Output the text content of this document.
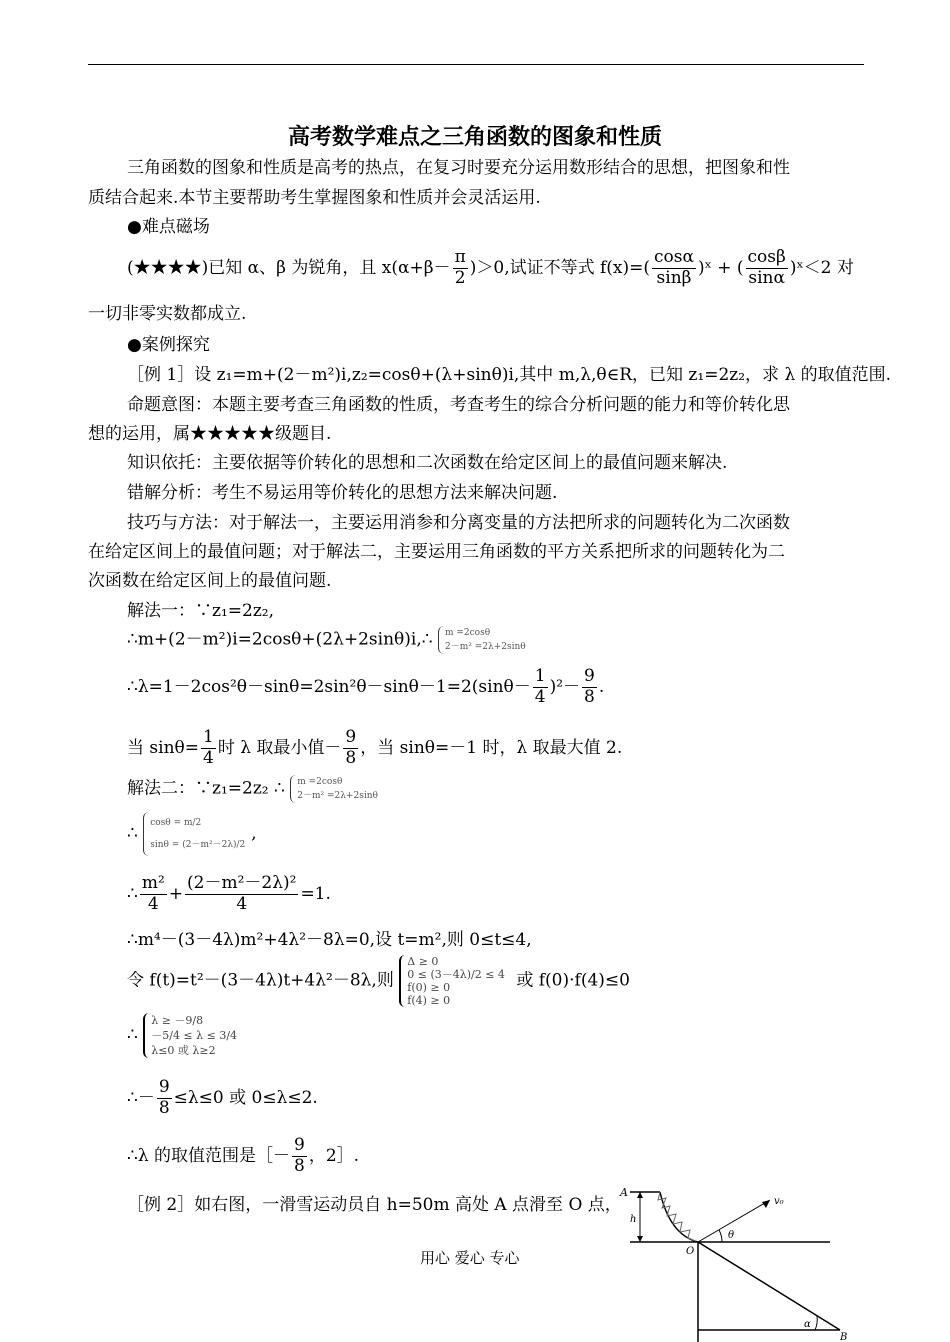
高考数学难点之三角函数的图象和性质
三角函数的图象和性质是高考的热点，在复习时要充分运用数形结合的思想，把图象和性
质结合起来.本节主要帮助考生掌握图象和性质并会灵活运用.
●难点磁场
(★★★★)已知 α、β 为锐角，且 $x(\alpha+\beta- \frac{\pi}{2} )>0$,试证不等式 $f(x)=( \frac{\cos\alpha}{\sin\beta}$ )ˣ + ( $\frac{\cos\beta}{\sin\alpha}$ )ˣ＜2 对
一切非零实数都成立.
●案例探究
［例 1］设 z₁=m+(2－m²)i,z₂=cosθ+(λ+sinθ)i,其中 m,λ,θ∈R，已知 z₁=2z₂，求 λ 的取值范围.
命题意图：本题主要考查三角函数的性质，考查考生的综合分析问题的能力和等价转化思
想的运用，属★★★★★级题目.
知识依托：主要依据等价转化的思想和二次函数在给定区间上的最值问题来解决.
错解分析：考生不易运用等价转化的思想方法来解决问题.
技巧与方法：对于解法一，主要运用消参和分离变量的方法把所求的问题转化为二次函数
在给定区间上的最值问题；对于解法二，主要运用三角函数的平方关系把所求的问题转化为二
次函数在给定区间上的最值问题.
解法一：∵z₁=2z₂,
∴m+(2－m²)i=2cosθ+(2λ+2sinθ)i,∴ m =2cosθ
2－m² =2λ+2sinθ
∴λ=1－2cos²θ－sinθ=2sin²θ－sinθ－1=2(sinθ－ $\frac{1}{4} )^2- \frac{9}{8}$ .
当 $\sin\theta= \frac{1}{4}$ 时 λ 取最小值－ $\frac{9}{8}$ ，当 sinθ=－1 时，λ 取最大值 2.
解法二：∵z₁=2z₂ ∴ m =2cosθ
2－m² =2λ+2sinθ
∴ cosθ = m/2
sinθ = (2－m²－2λ)/2,
∴ $\frac{\text{m²}}{4} + \frac{\text{(2－m²－2λ)²}}{4} =1$.
∴m⁴－(3－4λ)m²+4λ²－8λ=0,设 t=m²,则 0≤t≤4,
令 f(t)=t²－(3－4λ)t+4λ²－8λ,则 Δ ≥ 0
0 ≤ (3－4λ)/2 ≤ 4
f(0) ≥ 0
f(4) ≥ 0 或 f(0)·f(4)≤0
∴ λ ≥ －9/8
－5/4 ≤ λ ≤ 3/4
λ≤0 或 λ≥2
∴－ $\frac{9}{8} \le\lambda\le 0$ 或 0≤λ≤2.
∴λ 的取值范围是［－ $\frac{9}{8}$ ，2］.
［例 2］如右图，一滑雪运动员自 h=50m 高处 A 点滑至 O 点，
用心 爱心 专心
A
h
O
θ
v₀
α
B
